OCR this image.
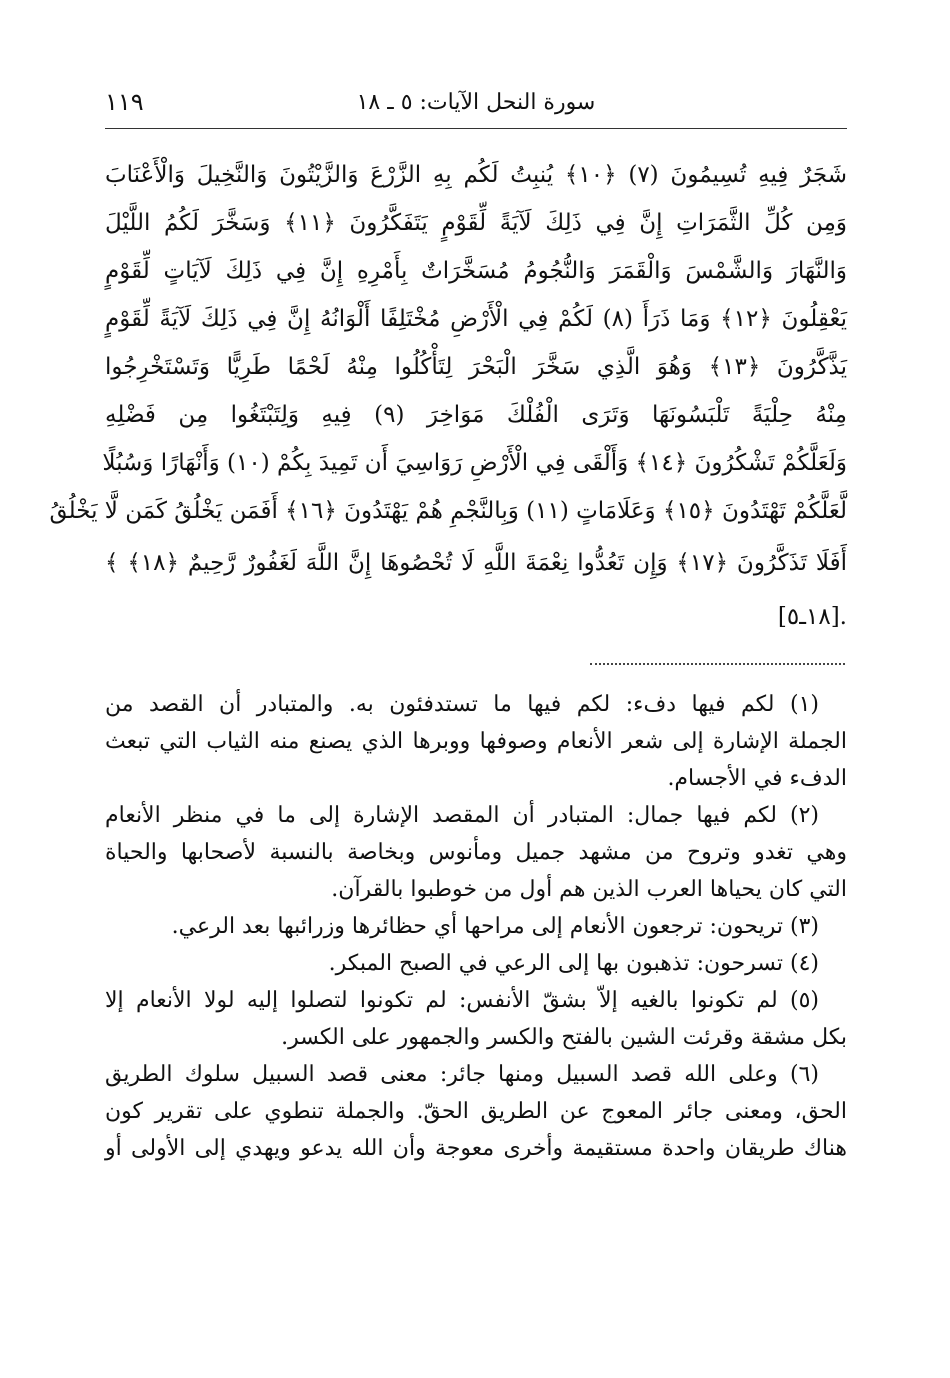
سورة النحل الآيات: ٥ ـ ١٨
١١٩
شَجَرٌ فِيهِ تُسِيمُونَ (٧) ﴿١٠﴾ يُنبِتُ لَكُم بِهِ الزَّرْعَ وَالزَّيْتُونَ وَالنَّخِيلَ وَالْأَعْنَابَ
وَمِن كُلِّ الثَّمَرَاتِ إِنَّ فِي ذَلِكَ لَآيَةً لِّقَوْمٍ يَتَفَكَّرُونَ ﴿١١﴾ وَسَخَّرَ لَكُمُ اللَّيْلَ
وَالنَّهَارَ وَالشَّمْسَ وَالْقَمَرَ وَالنُّجُومُ مُسَخَّرَاتٌ بِأَمْرِهِ إِنَّ فِي ذَلِكَ لَآيَاتٍ لِّقَوْمٍ
يَعْقِلُونَ ﴿١٢﴾ وَمَا ذَرَأَ (٨) لَكُمْ فِي الْأَرْضِ مُخْتَلِفًا أَلْوَانُهُ إِنَّ فِي ذَلِكَ لَآيَةً لِّقَوْمٍ
يَذَّكَّرُونَ ﴿١٣﴾ وَهُوَ الَّذِي سَخَّرَ الْبَحْرَ لِتَأْكُلُوا مِنْهُ لَحْمًا طَرِيًّا وَتَسْتَخْرِجُوا
مِنْهُ حِلْيَةً تَلْبَسُونَهَا وَتَرَى الْفُلْكَ مَوَاخِرَ (٩) فِيهِ وَلِتَبْتَغُوا مِن فَضْلِهِ
وَلَعَلَّكُمْ تَشْكُرُونَ ﴿١٤﴾ وَأَلْقَى فِي الْأَرْضِ رَوَاسِيَ أَن تَمِيدَ بِكُمْ (١٠) وَأَنْهَارًا وَسُبُلًا
لَّعَلَّكُمْ تَهْتَدُونَ ﴿١٥﴾ وَعَلَامَاتٍ (١١) وَبِالنَّجْمِ هُمْ يَهْتَدُونَ ﴿١٦﴾ أَفَمَن يَخْلُقُ كَمَن لَّا يَخْلُقُ
أَفَلَا تَذَكَّرُونَ ﴿١٧﴾ وَإِن تَعُدُّوا نِعْمَةَ اللَّهِ لَا تُحْصُوهَا إِنَّ اللَّهَ لَغَفُورٌ رَّحِيمٌ ﴿١٨﴾ ﴾
.[١٨ـ٥]
(١) لكم فيها دفء: لكم فيها ما تستدفئون به. والمتبادر أن القصد من
الجملة الإشارة إلى شعر الأنعام وصوفها ووبرها الذي يصنع منه الثياب التي تبعث
الدفء في الأجسام.
(٢) لكم فيها جمال: المتبادر أن المقصد الإشارة إلى ما في منظر الأنعام
وهي تغدو وتروح من مشهد جميل ومأنوس وبخاصة بالنسبة لأصحابها والحياة
التي كان يحياها العرب الذين هم أول من خوطبوا بالقرآن.
(٣) تريحون: ترجعون الأنعام إلى مراحها أي حظائرها وزرائبها بعد الرعي.
(٤) تسرحون: تذهبون بها إلى الرعي في الصبح المبكر.
(٥) لم تكونوا بالغيه إلاّ بشقّ الأنفس: لم تكونوا لتصلوا إليه لولا الأنعام إلا
بكل مشقة وقرئت الشين بالفتح والكسر والجمهور على الكسر.
(٦) وعلى الله قصد السبيل ومنها جائر: معنى قصد السبيل سلوك الطريق
الحق، ومعنى جائر المعوج عن الطريق الحقّ. والجملة تنطوي على تقرير كون
هناك طريقان واحدة مستقيمة وأخرى معوجة وأن الله يدعو ويهدي إلى الأولى أو
